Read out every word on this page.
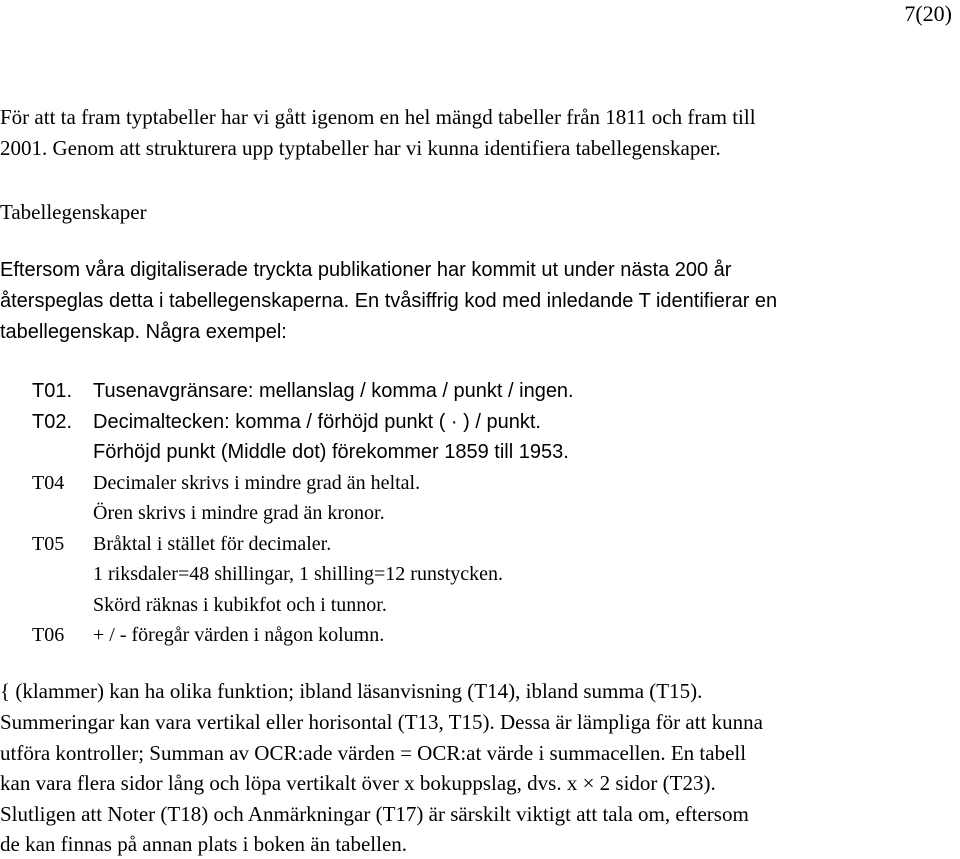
7(20)
För att ta fram typtabeller har vi gått igenom en hel mängd tabeller från 1811 och fram till
2001. Genom att strukturera upp typtabeller har vi kunna identifiera tabellegenskaper.
Tabellegenskaper
Eftersom våra digitaliserade tryckta publikationer har kommit ut under nästa 200 år
återspeglas detta i tabellegenskaperna. En tvåsiffrig kod med inledande T identifierar en
tabellegenskap. Några exempel:
T01.	Tusenavgränsare: mellanslag / komma / punkt / ingen.
T02.	Decimaltecken: komma / förhöjd punkt ( · ) / punkt.
Förhöjd punkt (Middle dot) förekommer 1859 till 1953.
T04	Decimaler skrivs i mindre grad än heltal.
Ören skrivs i mindre grad än kronor.
T05	Bråktal i stället för decimaler.
1 riksdaler=48 shillingar, 1 shilling=12 runstycken.
Skörd räknas i kubikfot och i tunnor.
T06	+ / - föregår värden i någon kolumn.
{ (klammer) kan ha olika funktion; ibland läsanvisning (T14), ibland summa (T15).
Summeringar kan vara vertikal eller horisontal (T13, T15). Dessa är lämpliga för att kunna
utföra kontroller; Summan av OCR:ade värden = OCR:at värde i summacellen. En tabell
kan vara flera sidor lång och löpa vertikalt över x bokuppslag, dvs. x × 2 sidor (T23).
Slutligen att Noter (T18) och Anmärkningar (T17) är särskilt viktigt att tala om, eftersom
de kan finnas på annan plats i boken än tabellen.
